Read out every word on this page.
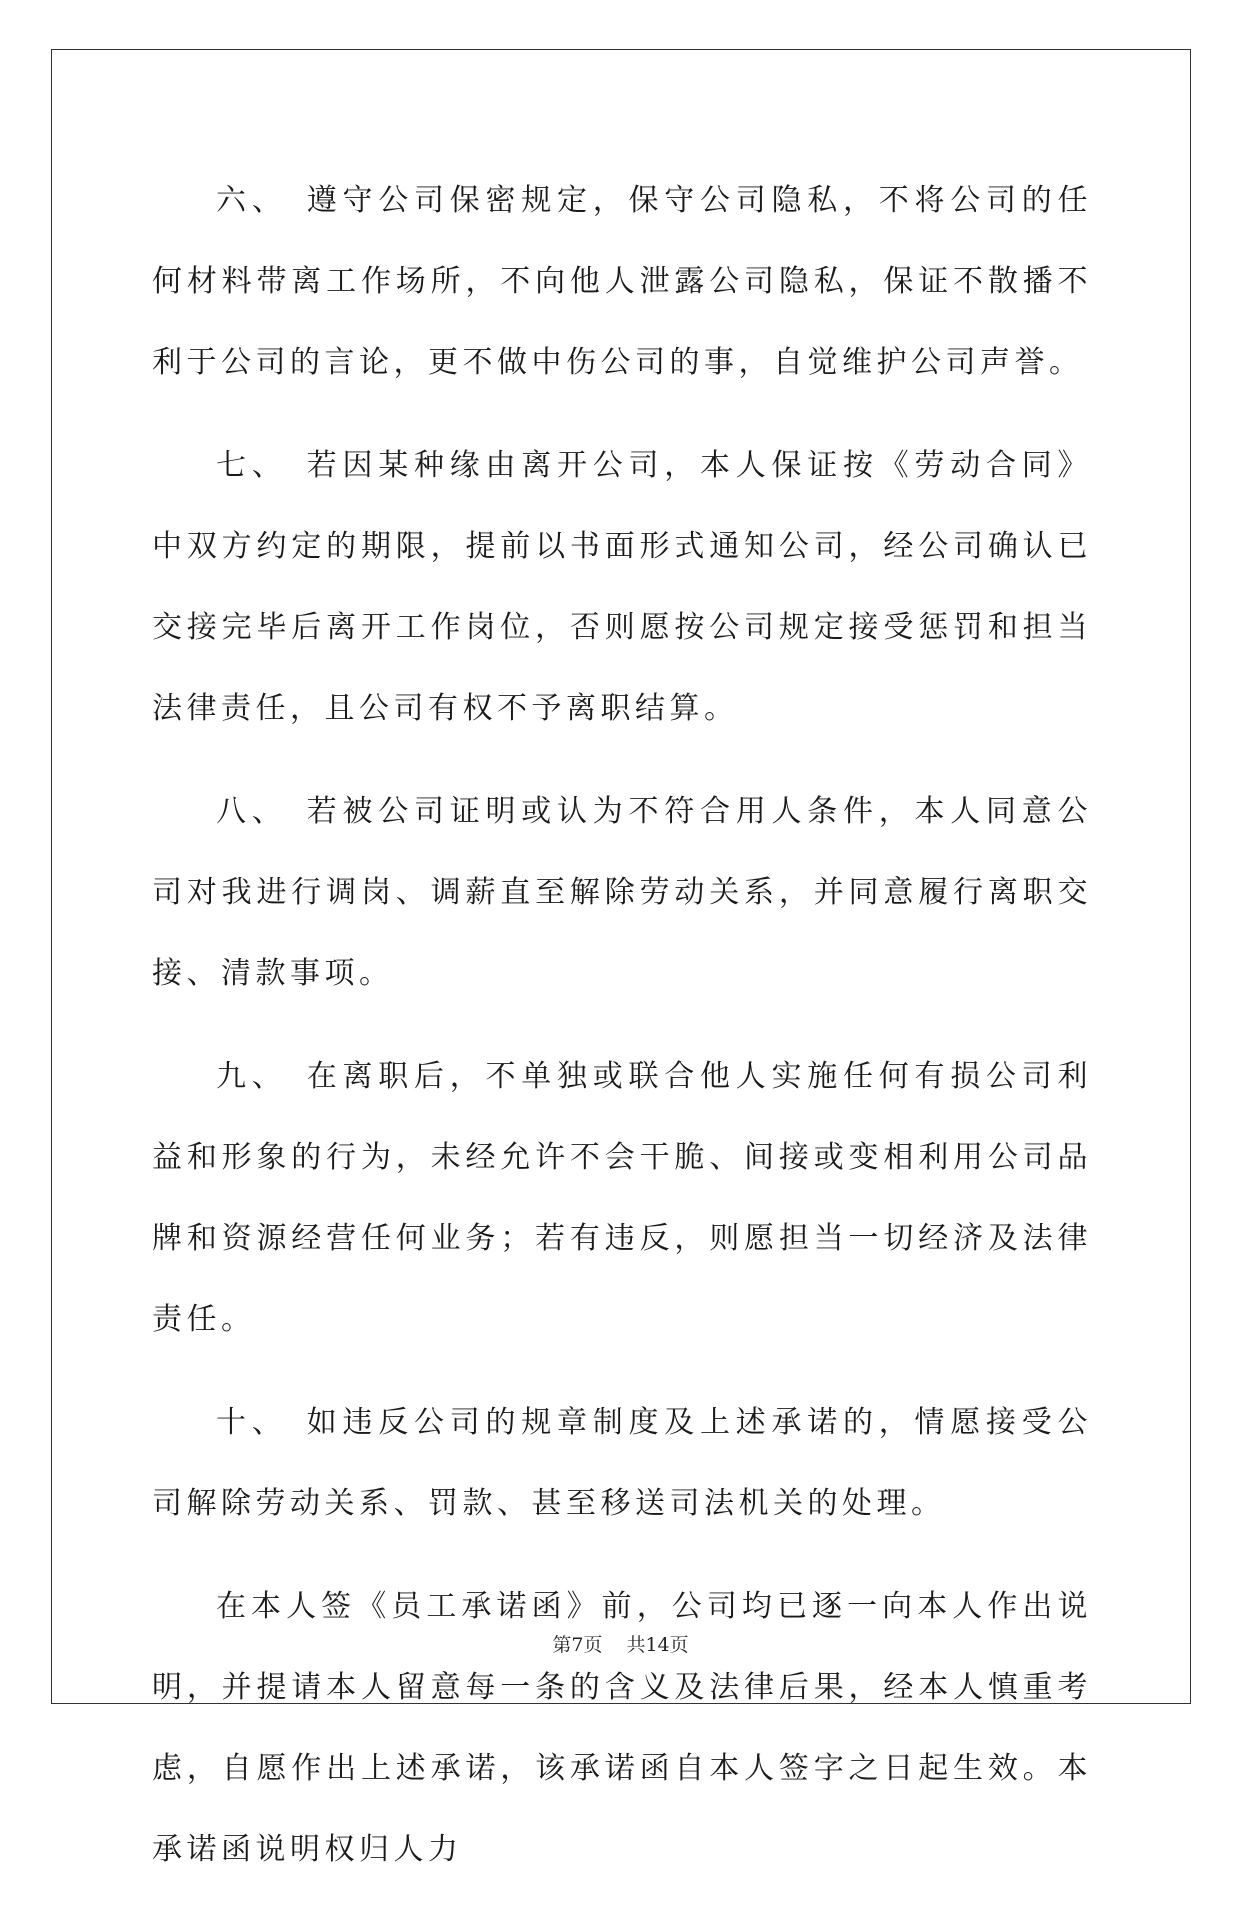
六、 遵守公司保密规定，保守公司隐私，不将公司的任何材料带离工作场所，不向他人泄露公司隐私，保证不散播不利于公司的言论，更不做中伤公司的事，自觉维护公司声誉。

七、 若因某种缘由离开公司，本人保证按《劳动合同》中双方约定的期限，提前以书面形式通知公司，经公司确认已交接完毕后离开工作岗位，否则愿按公司规定接受惩罚和担当法律责任，且公司有权不予离职结算。

八、 若被公司证明或认为不符合用人条件，本人同意公司对我进行调岗、调薪直至解除劳动关系，并同意履行离职交接、清款事项。

九、 在离职后，不单独或联合他人实施任何有损公司利益和形象的行为，未经允许不会干脆、间接或变相利用公司品牌和资源经营任何业务；若有违反，则愿担当一切经济及法律责任。

十、 如违反公司的规章制度及上述承诺的，情愿接受公司解除劳动关系、罚款、甚至移送司法机关的处理。

在本人签《员工承诺函》前，公司均已逐一向本人作出说明，并提请本人留意每一条的含义及法律后果，经本人慎重考虑，自愿作出上述承诺，该承诺函自本人签字之日起生效。本承诺函说明权归人力

第7页 共14页
